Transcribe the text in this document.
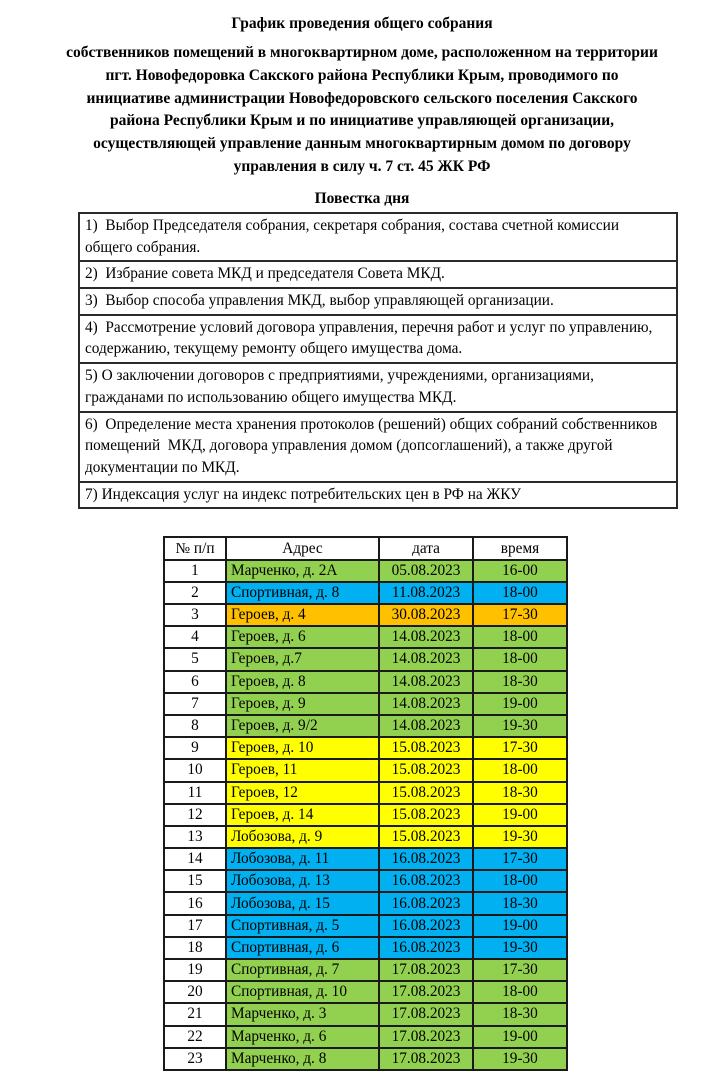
График проведения общего собрания
собственников помещений в многоквартирном доме, расположенном на территории пгт. Новофедоровка Сакского района Республики Крым, проводимого по инициативе администрации Новофедоровского сельского поселения Сакского района Республики Крым и по инициативе управляющей организации, осуществляющей управление данным многоквартирным домом по договору управления в силу ч. 7 ст. 45 ЖК РФ
Повестка дня
1)  Выбор Председателя собрания, секретаря собрания, состава счетной комиссии общего собрания.
2)  Избрание совета МКД и председателя Совета МКД.
3)  Выбор способа управления МКД, выбор управляющей организации.
4)  Рассмотрение условий договора управления, перечня работ и услуг по управлению, содержанию, текущему ремонту общего имущества дома.
5) О заключении договоров с предприятиями, учреждениями, организациями, гражданами по использованию общего имущества МКД.
6)  Определение места хранения протоколов (решений) общих собраний собственников помещений  МКД, договора управления домом (допсоглашений), а также другой документации по МКД.
7) Индексация услуг на индекс потребительских цен в РФ на ЖКУ
№ п/п	Адрес	дата	время
1	Марченко, д. 2А	05.08.2023	16-00
2	Спортивная, д. 8	11.08.2023	18-00
3	Героев, д. 4	30.08.2023	17-30
4	Героев, д. 6	14.08.2023	18-00
5	Героев, д.7	14.08.2023	18-00
6	Героев, д. 8	14.08.2023	18-30
7	Героев, д. 9	14.08.2023	19-00
8	Героев, д. 9/2	14.08.2023	19-30
9	Героев, д. 10	15.08.2023	17-30
10	Героев, 11	15.08.2023	18-00
11	Героев, 12	15.08.2023	18-30
12	Героев, д. 14	15.08.2023	19-00
13	Лобозова, д. 9	15.08.2023	19-30
14	Лобозова, д. 11	16.08.2023	17-30
15	Лобозова, д. 13	16.08.2023	18-00
16	Лобозова, д. 15	16.08.2023	18-30
17	Спортивная, д. 5	16.08.2023	19-00
18	Спортивная, д. 6	16.08.2023	19-30
19	Спортивная, д. 7	17.08.2023	17-30
20	Спортивная, д. 10	17.08.2023	18-00
21	Марченко, д. 3	17.08.2023	18-30
22	Марченко, д. 6	17.08.2023	19-00
23	Марченко, д. 8	17.08.2023	19-30
